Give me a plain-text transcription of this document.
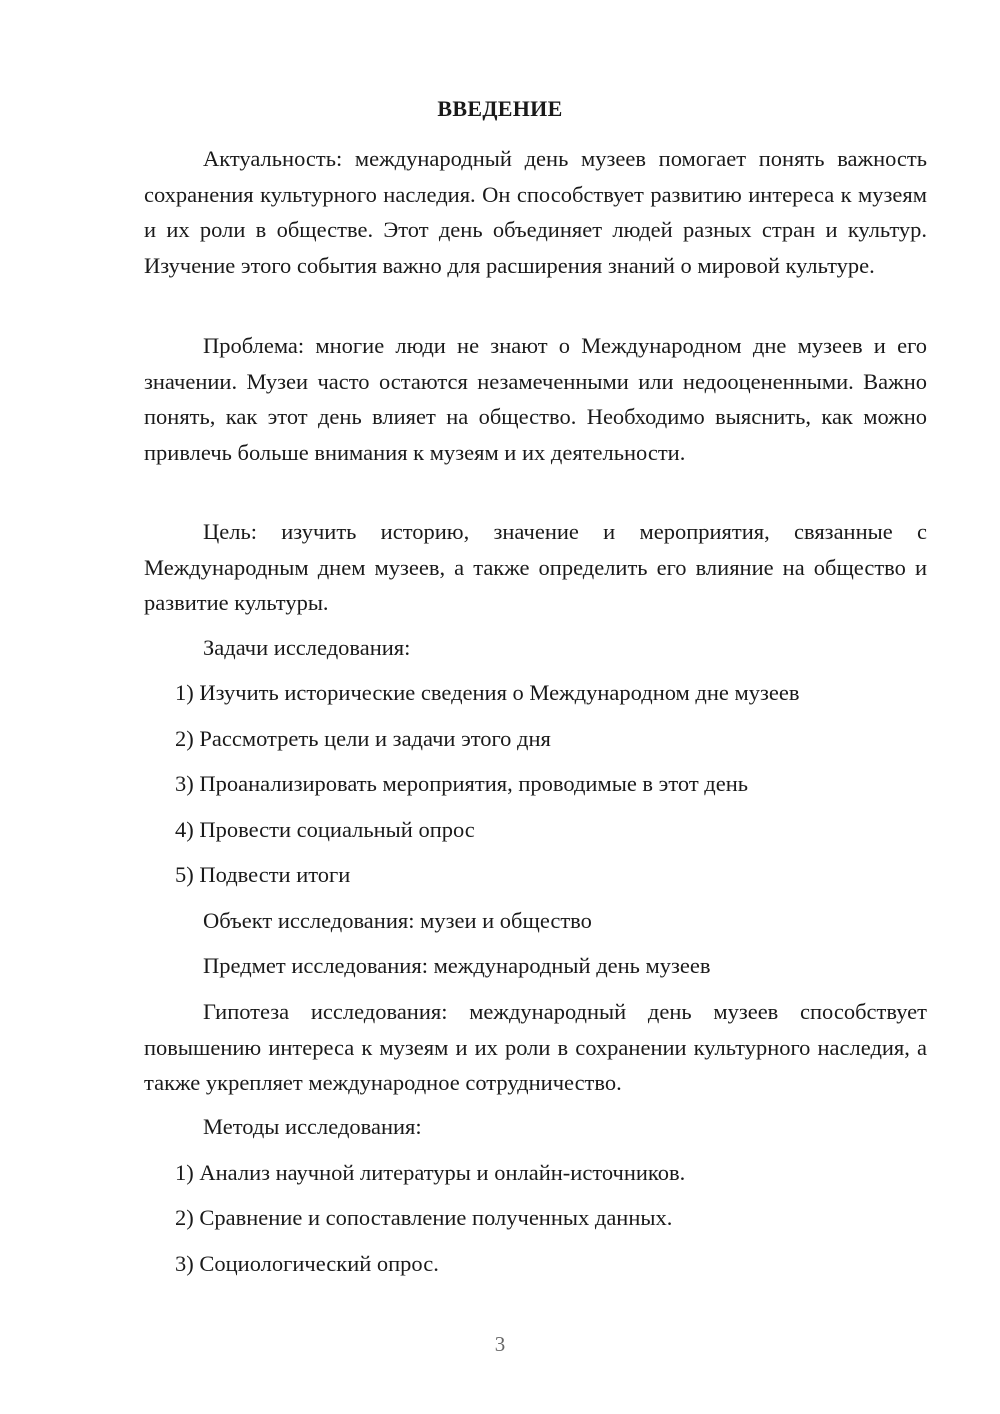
ВВЕДЕНИЕ

Актуальность: международный день музеев помогает понять важность сохранения культурного наследия. Он способствует развитию интереса к музеям и их роли в обществе. Этот день объединяет людей разных стран и культур. Изучение этого события важно для расширения знаний о мировой культуре.

Проблема: многие люди не знают о Международном дне музеев и его значении. Музеи часто остаются незамеченными или недооцененными. Важно понять, как этот день влияет на общество. Необходимо выяснить, как можно привлечь больше внимания к музеям и их деятельности.

Цель: изучить историю, значение и мероприятия, связанные с Международным днем музеев, а также определить его влияние на общество и развитие культуры.

Задачи исследования:

1) Изучить исторические сведения о Международном дне музеев

2) Рассмотреть цели и задачи этого дня

3) Проанализировать мероприятия, проводимые в этот день

4) Провести социальный опрос

5) Подвести итоги

Объект исследования: музеи и общество

Предмет исследования: международный день музеев

Гипотеза исследования: международный день музеев способствует повышению интереса к музеям и их роли в сохранении культурного наследия, а также укрепляет международное сотрудничество.

Методы исследования:

1) Анализ научной литературы и онлайн-источников.

2) Сравнение и сопоставление полученных данных.

3) Социологический опрос.

3
